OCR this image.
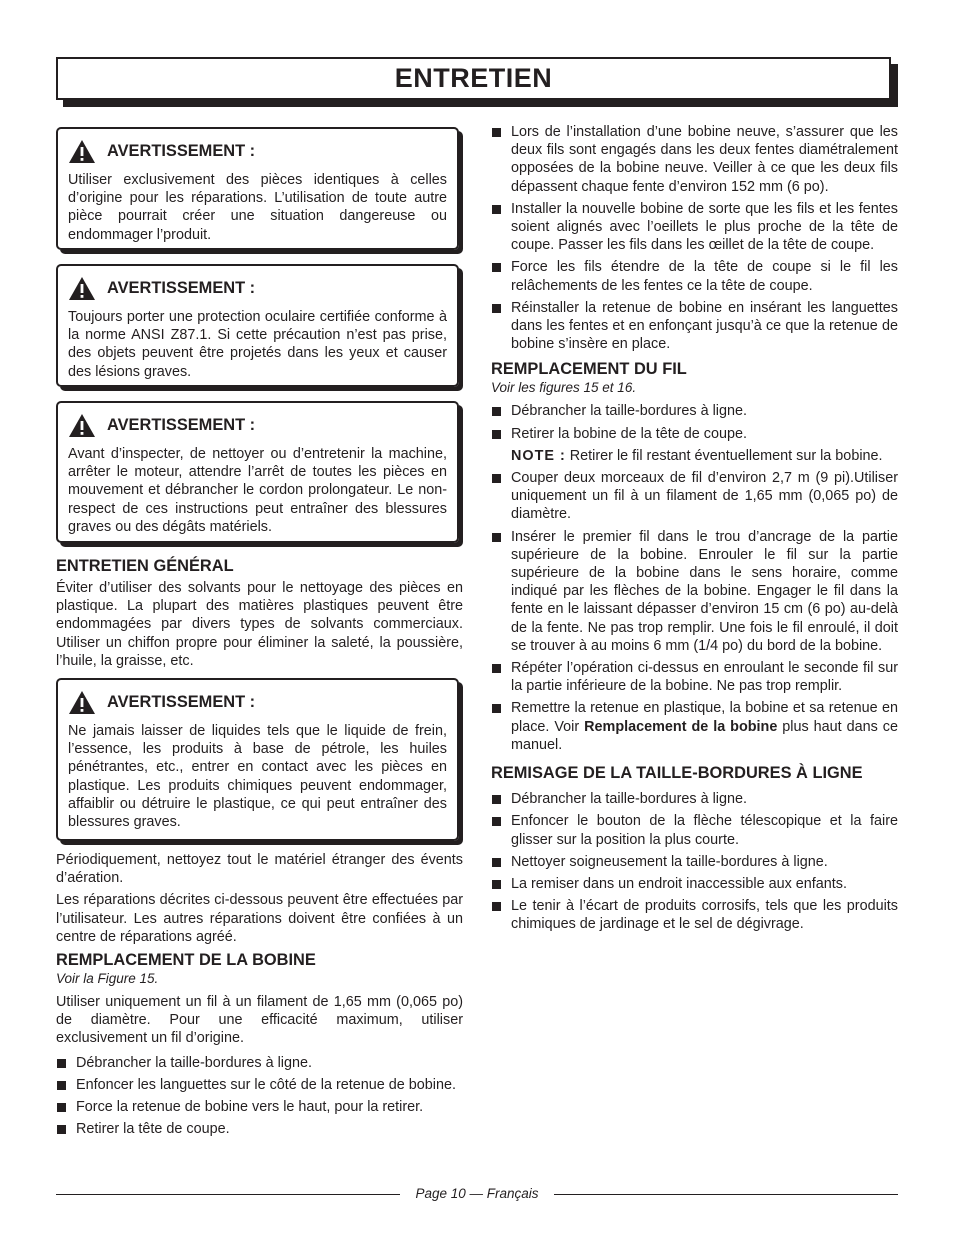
ENTRETIEN
AVERTISSEMENT :
Utiliser exclusivement des pièces identiques à celles d’origine pour les réparations. L’utilisation de toute autre pièce pourrait créer une situation dangereuse ou endommager l’produit.
AVERTISSEMENT :
Toujours porter une protection oculaire certifiée conforme à la norme ANSI Z87.1. Si cette précaution n’est pas prise, des objets peuvent être projetés dans les yeux et causer des lésions graves.
AVERTISSEMENT :
Avant d’inspecter, de nettoyer ou d’entretenir la machine, arrêter le moteur, attendre l’arrêt de toutes les pièces en mouvement et débrancher le cordon prolongateur. Le non-respect de ces instructions peut entraîner des blessures graves ou des dégâts matériels.
ENTRETIEN GÉNÉRAL

Éviter d’utiliser des solvants pour le nettoyage des pièces en plastique. La plupart des matières plastiques peuvent être endommagées par divers types de solvants commerciaux. Utiliser un chiffon propre pour éliminer la saleté, la poussière, l’huile, la graisse, etc.

AVERTISSEMENT :
Ne jamais laisser de liquides tels que le liquide de frein, l’essence, les produits à base de pétrole, les huiles pénétrantes, etc., entrer en contact avec les pièces en plastique. Les produits chimiques peuvent endommager, affaiblir ou détruire le plastique, ce qui peut entraîner des blessures graves.

Périodiquement, nettoyez tout le matériel étranger des évents d’aération.

Les réparations décrites ci-dessous peuvent être effectuées par l’utilisateur. Les autres réparations doivent être confiées à un centre de réparations agréé.

REMPLACEMENT DE LA BOBINE
Voir la Figure 15.

Utiliser uniquement un fil à un filament de 1,65 mm (0,065 po) de diamètre. Pour une efficacité maximum, utiliser exclusivement un fil d’origine.

Débrancher la taille-bordures à ligne.
Enfoncer les languettes sur le côté de la retenue de bobine.
Force la retenue de bobine vers le haut, pour la retirer.
Retirer la tête de coupe.
Lors de l’installation d’une bobine neuve, s’assurer que les deux fils sont engagés dans les deux fentes diamétralement opposées de la bobine neuve. Veiller à ce que les deux fils dépassent chaque fente d’environ 152 mm (6 po).
Installer la nouvelle bobine de sorte que les fils et les fentes soient alignés avec l’oeillets le plus proche de la tête de coupe. Passer les fils dans les œillet de la tête de coupe.
Force les fils étendre de la tête de coupe si le fil les relâchements de les fentes ce la tête de coupe.
Réinstaller la retenue de bobine en insérant les languettes dans les fentes et en enfonçant jusqu’à ce que la retenue de bobine s’insère en place.
REMPLACEMENT DU FIL
Voir les figures 15 et 16.
Débrancher la taille-bordures à ligne.
Retirer la bobine de la tête de coupe.
NOTE : Retirer le fil restant éventuellement sur la bobine.
Couper deux morceaux de fil d’environ 2,7 m (9 pi).Utiliser uniquement un fil à un filament de 1,65 mm (0,065 po) de diamètre.
Insérer le premier fil dans le trou d’ancrage de la partie supérieure de la bobine. Enrouler le fil sur la partie supérieure de la bobine dans le sens horaire, comme indiqué par les flèches de la bobine. Engager le fil dans la fente en le laissant dépasser d’environ 15 cm (6 po) au-delà de la fente. Ne pas trop remplir. Une fois le fil enroulé, il doit se trouver à au moins 6 mm (1/4 po) du bord de la bobine.
Répéter l’opération ci-dessus en enroulant le seconde fil sur la partie inférieure de la bobine. Ne pas trop remplir.
Remettre la retenue en plastique, la bobine et sa retenue en place. Voir Remplacement de la bobine plus haut dans ce manuel.
REMISAGE DE LA TAILLE-BORDURES À LIGNE
Débrancher la taille-bordures à ligne.
Enfoncer le bouton de la flèche télescopique et la faire glisser sur la position la plus courte.
Nettoyer soigneusement la taille-bordures à ligne.
La remiser dans un endroit inaccessible aux enfants.
Le tenir à l’écart de produits corrosifs, tels que les produits chimiques de jardinage et le sel de dégivrage.
Page 10 — Français
